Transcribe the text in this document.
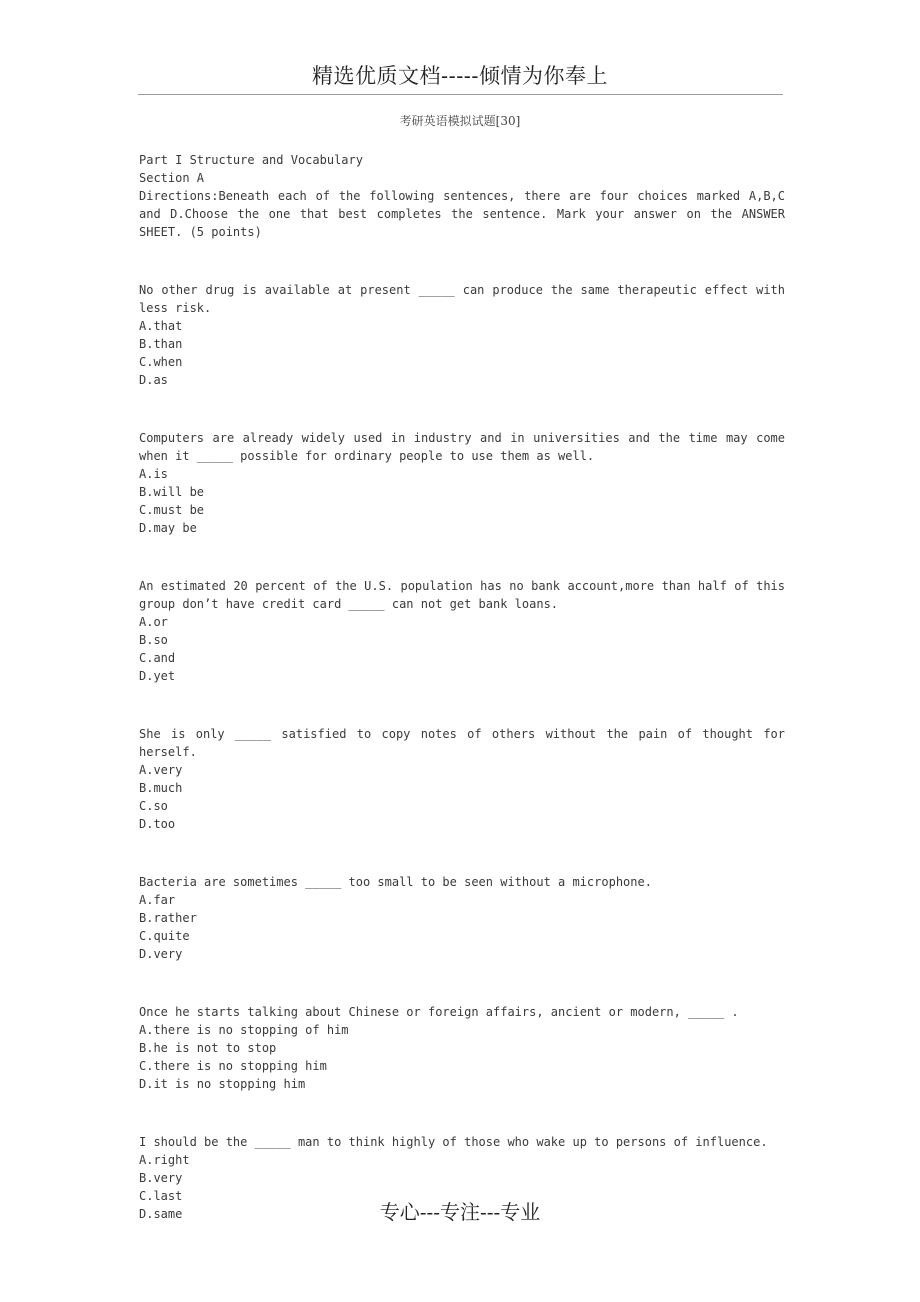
精选优质文档-----倾情为你奉上
考研英语模拟试题[30]
Part I Structure and Vocabulary
Section A
Directions:Beneath each of the following sentences, there are four choices marked A,B,C and D.Choose the one that best completes the sentence. Mark your answer on the ANSWER SHEET. (5 points)
No other drug is available at present _____ can produce the same therapeutic effect with less risk.
A.that
B.than
C.when
D.as
Computers are already widely used in industry and in universities and the time may come when it _____ possible for ordinary people to use them as well.
A.is
B.will be
C.must be
D.may be
An estimated 20 percent of the U.S. population has no bank account,more than half of this group don’t have credit card _____ can not get bank loans.
A.or
B.so
C.and
D.yet
She is only _____ satisfied to copy notes of others without the pain of thought for herself.
A.very
B.much
C.so
D.too
Bacteria are sometimes _____ too small to be seen without a microphone.
A.far
B.rather
C.quite
D.very
Once he starts talking about Chinese or foreign affairs, ancient or modern, _____ .
A.there is no stopping of him
B.he is not to stop
C.there is no stopping him
D.it is no stopping him
I should be the _____ man to think highly of those who wake up to persons of influence.
A.right
B.very
C.last
D.same	专心---专注---专业
